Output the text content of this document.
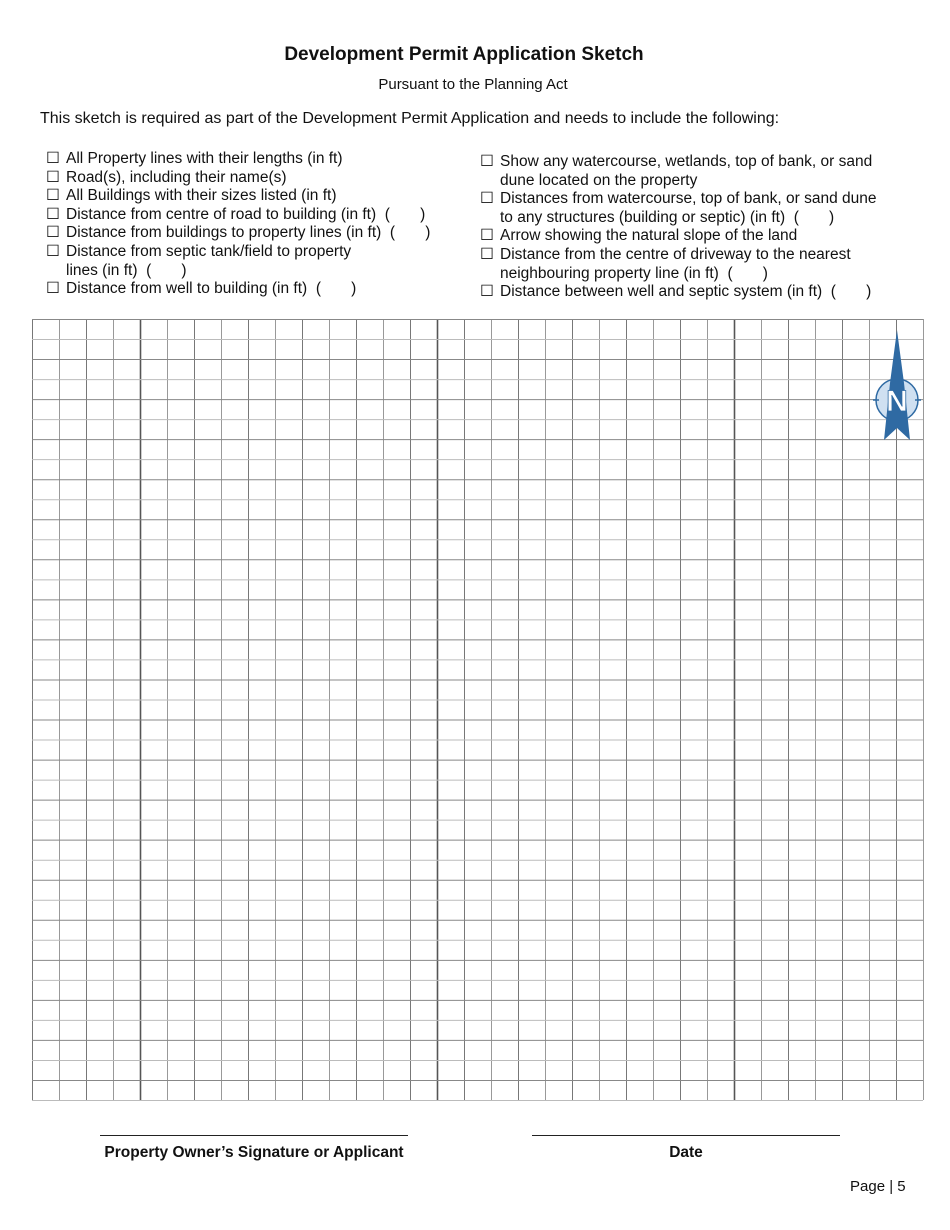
Development Permit Application Sketch
Pursuant to the Planning Act
This sketch is required as part of the Development Permit Application and needs to include the following:
☐ All Property lines with their lengths (in ft)
☐ Road(s), including their name(s)
☐ All Buildings with their sizes listed (in ft)
☐ Distance from centre of road to building (in ft)  (       )
☐ Distance from buildings to property lines (in ft)  (       )
☐ Distance from septic tank/field to property
lines (in ft)  (       )
☐ Distance from well to building (in ft)  (       )
☐ Show any watercourse, wetlands, top of bank, or sand
dune located on the property
☐ Distances from watercourse, top of bank, or sand dune
to any structures (building or septic) (in ft)  (       )
☐ Arrow showing the natural slope of the land
☐ Distance from the centre of driveway to the nearest
neighbouring property line (in ft)  (       )
☐ Distance between well and septic system (in ft)  (       )
N
Property Owner’s Signature or Applicant	Date
Page | 5
